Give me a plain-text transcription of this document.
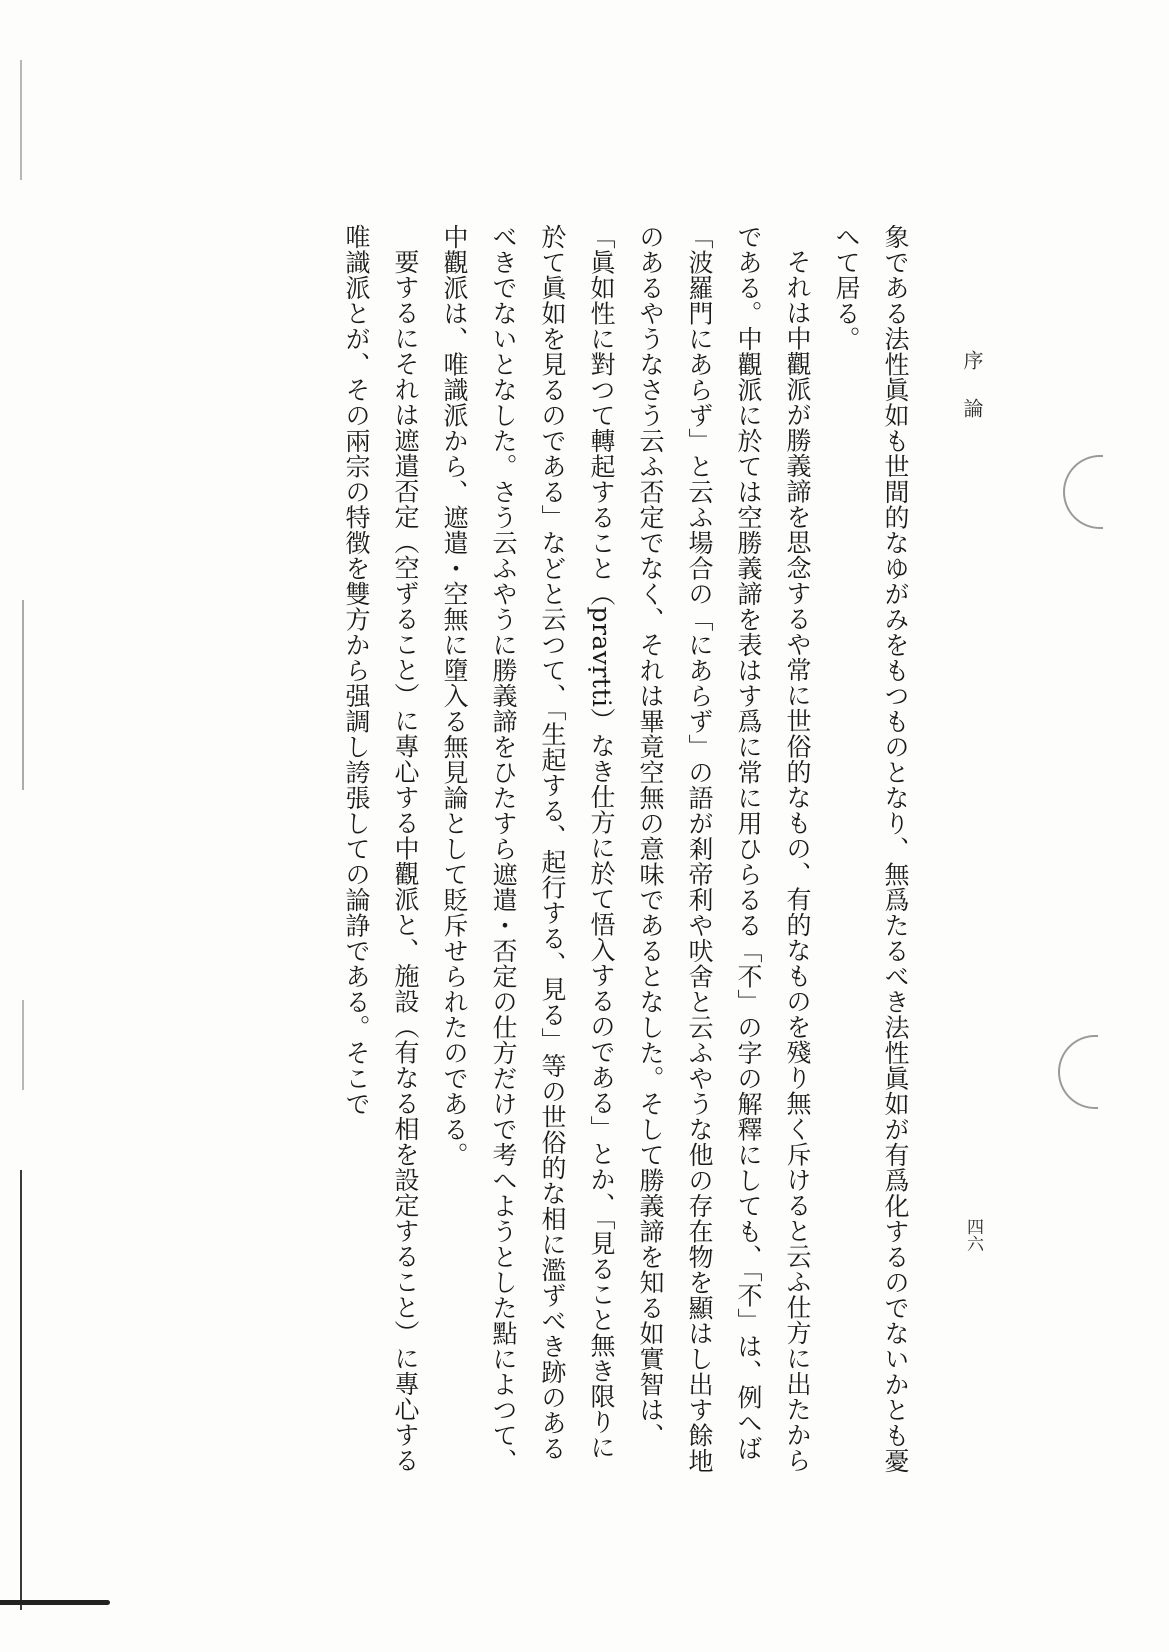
序論

象である法性眞如も世間的なゆがみをもつものとなり、無爲たるべき法性眞如が有爲化するのでないかとも憂へて居る。

それは中觀派が勝義諦を思念するや常に世俗的なもの、有的なものを殘り無く斥けると云ふ仕方に出たからである。中觀派に於ては空勝義諦を表はす爲に常に用ひらるる「不」の字の解釋にしても、「不」は、例へば「波羅門にあらず」と云ふ場合の「にあらず」の語が剎帝利や吠舍と云ふやうな他の存在物を顯はし出す餘地のあるやうなさう云ふ否定でなく、それは畢竟空無の意味であるとなした。そして勝義諦を知る如實智は、「眞如性に對つて轉起すること（pravṛtti）なき仕方に於て悟入するのである」とか、「見ること無き限りに於て眞如を見るのである」などと云つて、「生起する、起行する、見る」等の世俗的な相に濫ずべき跡のあるべきでないとなした。さう云ふやうに勝義諦をひたすら遮遣・否定の仕方だけで考へようとした點によつて、中觀派は、唯識派から、遮遣・空無に墮入る無見論として貶斥せられたのである。

要するにそれは遮遣否定（空ずること）に專心する中觀派と、施設（有なる相を設定すること）に專心する唯識派とが、その兩宗の特徴を雙方から强調し誇張しての論諍である。そこで

四六
